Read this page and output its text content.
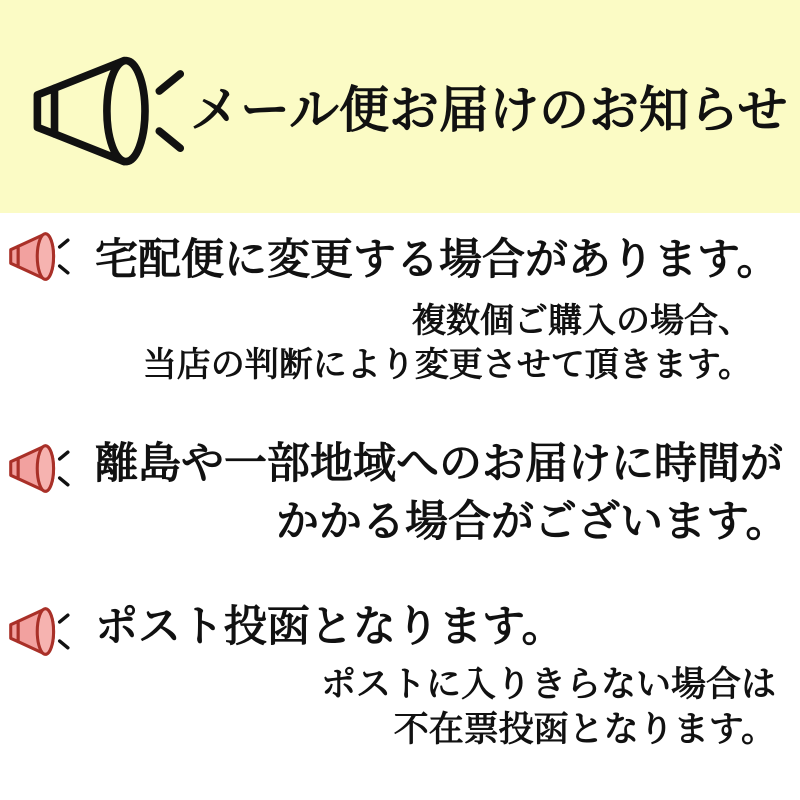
メール便お届けのお知らせ
宅配便に変更する場合があります。
複数個ご購入の場合、
当店の判断により変更させて頂きます。
離島や一部地域へのお届けに時間が
かかる場合がございます。
ポスト投函となります。
ポストに入りきらない場合は
不在票投函となります。
